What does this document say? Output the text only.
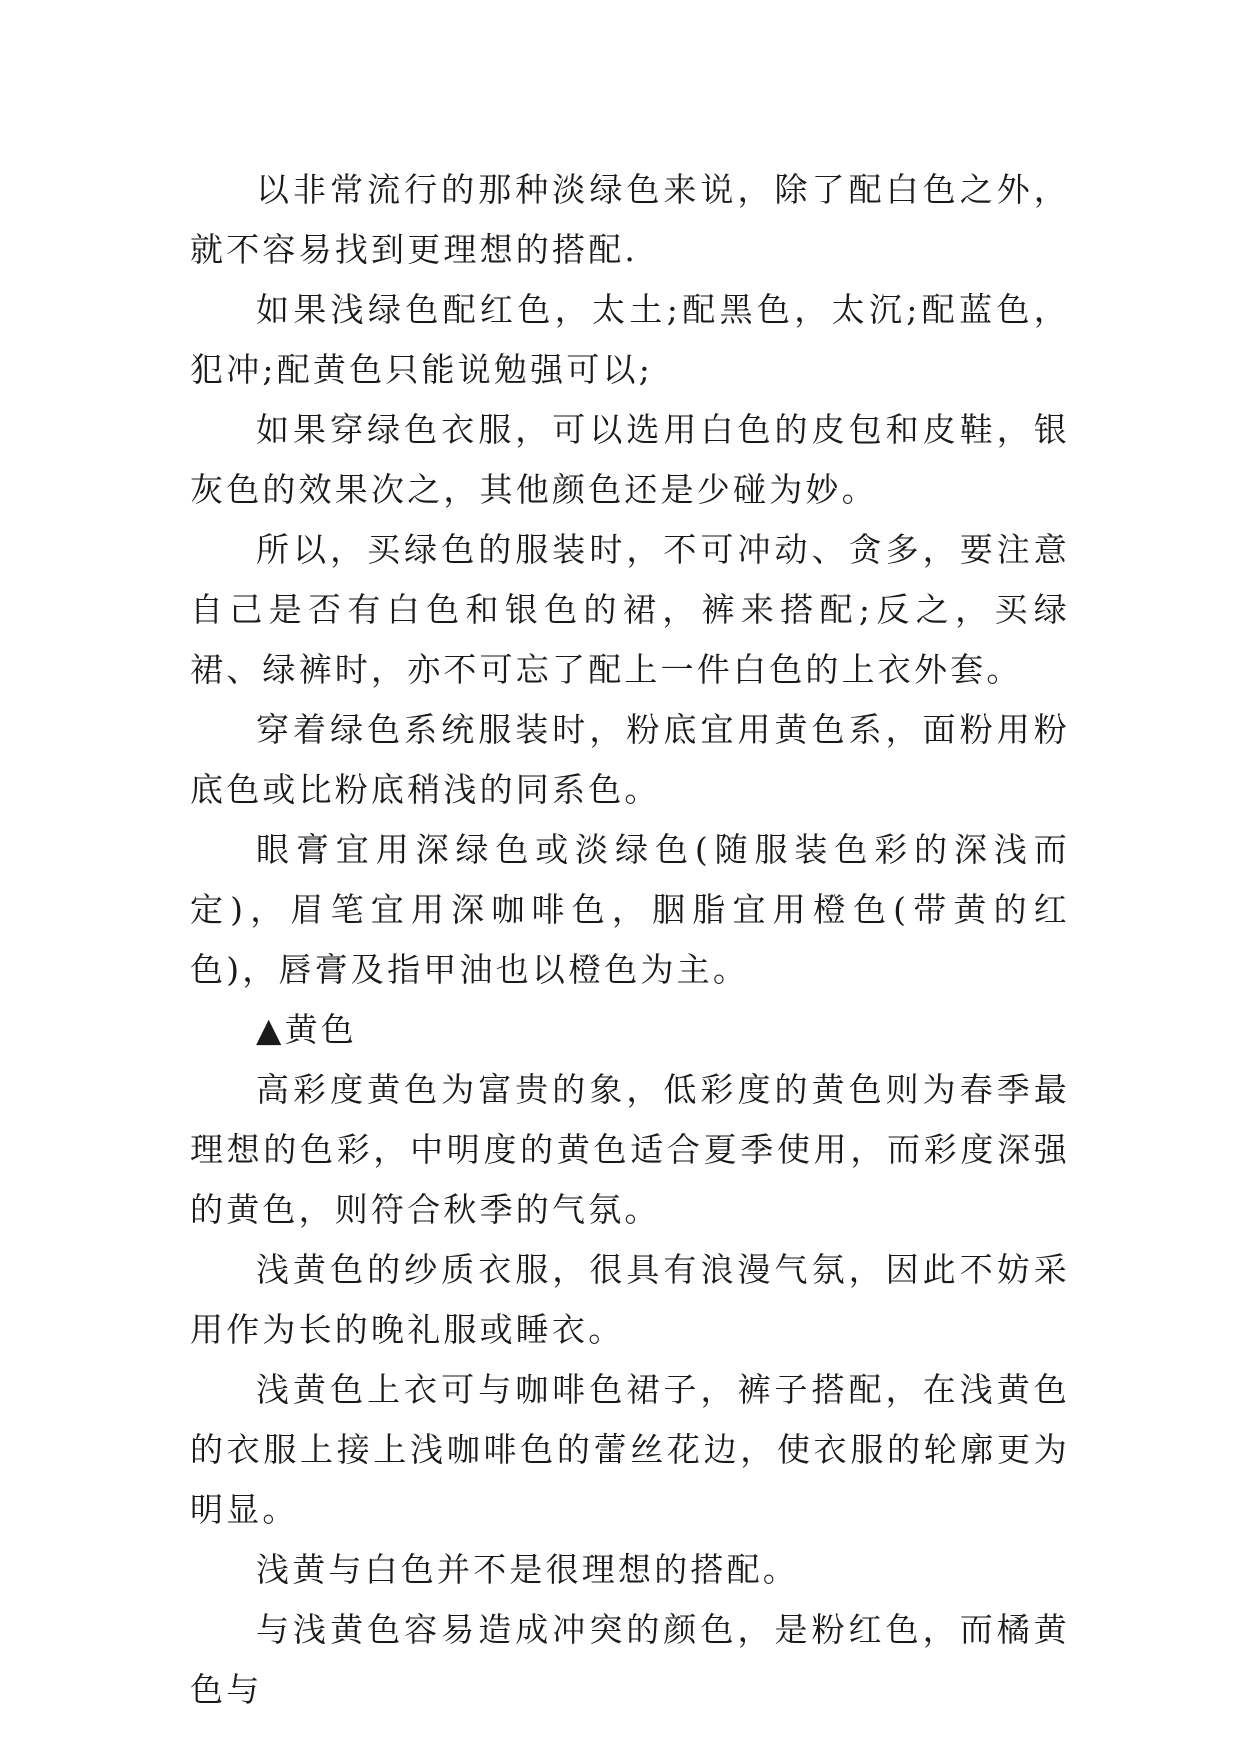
以非常流行的那种淡绿色来说，除了配白色之外，就不容易找到更理想的搭配.

如果浅绿色配红色，太土;配黑色，太沉;配蓝色，犯冲;配黄色只能说勉强可以;

如果穿绿色衣服，可以选用白色的皮包和皮鞋，银灰色的效果次之，其他颜色还是少碰为妙。

所以，买绿色的服装时，不可冲动、贪多，要注意自己是否有白色和银色的裙，裤来搭配;反之，买绿裙、绿裤时，亦不可忘了配上一件白色的上衣外套。

穿着绿色系统服装时，粉底宜用黄色系，面粉用粉底色或比粉底稍浅的同系色。

眼膏宜用深绿色或淡绿色(随服装色彩的深浅而定)，眉笔宜用深咖啡色，胭脂宜用橙色(带黄的红色)，唇膏及指甲油也以橙色为主。

▲黄色

高彩度黄色为富贵的象，低彩度的黄色则为春季最理想的色彩，中明度的黄色适合夏季使用，而彩度深强的黄色，则符合秋季的气氛。

浅黄色的纱质衣服，很具有浪漫气氛，因此不妨采用作为长的晚礼服或睡衣。

浅黄色上衣可与咖啡色裙子，裤子搭配，在浅黄色的衣服上接上浅咖啡色的蕾丝花边，使衣服的轮廓更为明显。

浅黄与白色并不是很理想的搭配。

与浅黄色容易造成冲突的颜色，是粉红色，而橘黄色与
